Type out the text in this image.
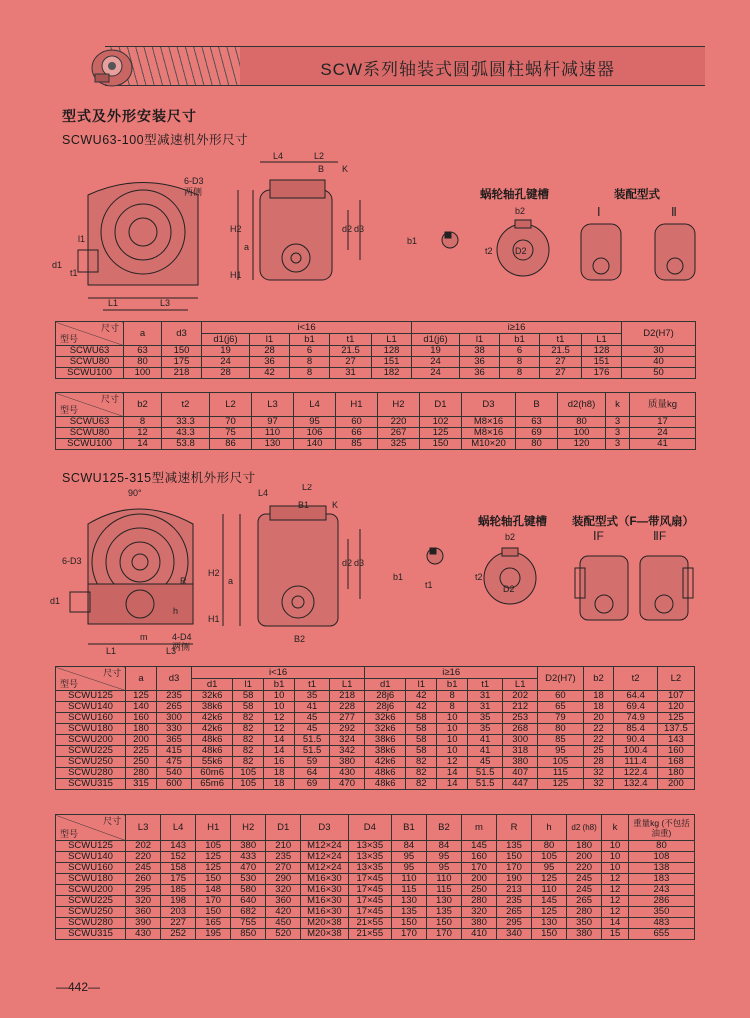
SCW系列轴装式圆弧圆柱蜗杆减速器
型式及外形安装尺寸
SCWU63-100型减速机外形尺寸
L4	L2
B K
6-D3
两侧
H2
a
d2 d3
H1
l1
d1
t1
L1	L3
蜗轮轴孔键槽	装配型式
b1
b2
t2 D2
Ⅰ	Ⅱ
尺寸
型号	a	d3	i<16					i≥16					D2(H7)
			d1(j6)	l1	b1	t1	L1	d1(j6)	l1	b1	t1	L1	
SCWU63	63	150	19	28	6	21.5	128	19	38	6	21.5	128	30
SCWU80	80	175	24	36	8	27	151	24	36	8	27	151	40
SCWU100	100	218	28	42	8	31	182	24	36	8	27	176	50
尺寸
型号	b2	t2	L2	L3	L4	H1	H2	D1	D3	B	d2(h8)	k	质量kg
SCWU63	8	33.3	70	97	95	60	220	102	M8×16	63	80	3	17
SCWU80	12	43.3	75	110	106	66	267	125	M8×16	69	100	3	24
SCWU100	14	53.8	86	130	140	85	325	150	M10×20	80	120	3	41
SCWU125-315型减速机外形尺寸
90°
6-D3
L4
L2
B1	K
H2
a
d2 d3
H1
h
R
d1
m
L1	L3
4-D4
两侧
B2
蜗轮轴孔键槽 装配型式（F—带风扇）
b2
D2
t2
b1
t1
ⅠF	ⅡF
尺寸
型号	a	d3	i<16					i≥16					D2(H7)	b2	t2	L2
			d1	l1	b1	t1	L1	d1	l1	b1	t1	L1				
SCWU125	125	235	32k6	58	10	35	218	28j6	42	8	31	202	60	18	64.4	107
SCWU140	140	265	38k6	58	10	41	228	28j6	42	8	31	212	65	18	69.4	120
SCWU160	160	300	42k6	82	12	45	277	32k6	58	10	35	253	79	20	74.9	125
SCWU180	180	330	42k6	82	12	45	292	32k6	58	10	35	268	80	22	85.4	137.5
SCWU200	200	365	48k6	82	14	51.5	324	38k6	58	10	41	300	85	22	90.4	143
SCWU225	225	415	48k6	82	14	51.5	342	38k6	58	10	41	318	95	25	100.4	160
SCWU250	250	475	55k6	82	16	59	380	42k6	82	12	45	380	105	28	111.4	168
SCWU280	280	540	60m6	105	18	64	430	48k6	82	14	51.5	407	115	32	122.4	180
SCWU315	315	600	65m6	105	18	69	470	48k6	82	14	51.5	447	125	32	132.4	200
尺寸
型号	L3	L4	H1	H2	D1	D3	D4	B1	B2	m	R	h	d2 (h8)	k	重量kg (不包括油重)
SCWU125	202	143	105	380	210	M12×24	13×35	84	84	145	135	80	180	10	80
SCWU140	220	152	125	433	235	M12×24	13×35	95	95	160	150	105	200	10	108
SCWU160	245	158	125	470	270	M12×24	13×35	95	95	170	170	95	220	10	138
SCWU180	260	175	150	530	290	M16×30	17×45	110	110	200	190	125	245	12	183
SCWU200	295	185	148	580	320	M16×30	17×45	115	115	250	213	110	245	12	243
SCWU225	320	198	170	640	360	M16×30	17×45	130	130	280	235	145	265	12	286
SCWU250	360	203	150	682	420	M16×30	17×45	135	135	320	265	125	280	12	350
SCWU280	390	227	165	755	450	M20×38	21×55	150	150	380	295	130	350	14	483
SCWU315	430	252	195	850	520	M20×38	21×55	170	170	410	340	150	380	15	655
—442—
